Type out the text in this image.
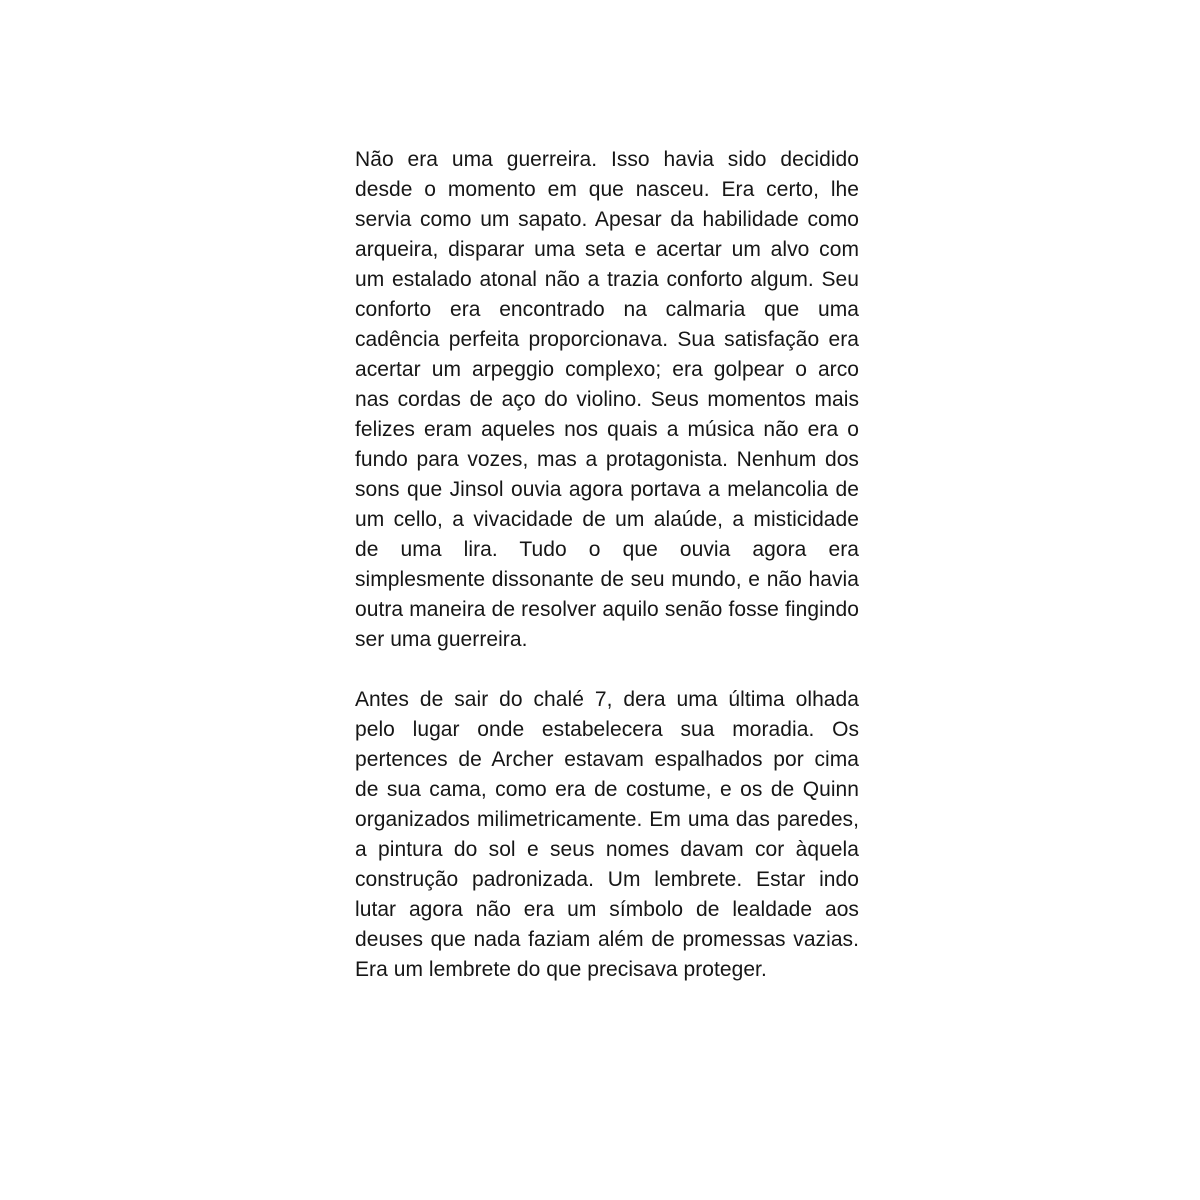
Não era uma guerreira. Isso havia sido decidido desde o momento em que nasceu. Era certo, lhe servia como um sapato. Apesar da habilidade como arqueira, disparar uma seta e acertar um alvo com um estalado atonal não a trazia conforto algum. Seu conforto era encontrado na calmaria que uma cadência perfeita proporcionava. Sua satisfação era acertar um arpeggio complexo; era golpear o arco nas cordas de aço do violino. Seus momentos mais felizes eram aqueles nos quais a música não era o fundo para vozes, mas a protagonista. Nenhum dos sons que Jinsol ouvia agora portava a melancolia de um cello, a vivacidade de um alaúde, a misticidade de uma lira. Tudo o que ouvia agora era simplesmente dissonante de seu mundo, e não havia outra maneira de resolver aquilo senão fosse fingindo ser uma guerreira.

Antes de sair do chalé 7, dera uma última olhada pelo lugar onde estabelecera sua moradia. Os pertences de Archer estavam espalhados por cima de sua cama, como era de costume, e os de Quinn organizados milimetricamente. Em uma das paredes, a pintura do sol e seus nomes davam cor àquela construção padronizada. Um lembrete. Estar indo lutar agora não era um símbolo de lealdade aos deuses que nada faziam além de promessas vazias. Era um lembrete do que precisava proteger.
